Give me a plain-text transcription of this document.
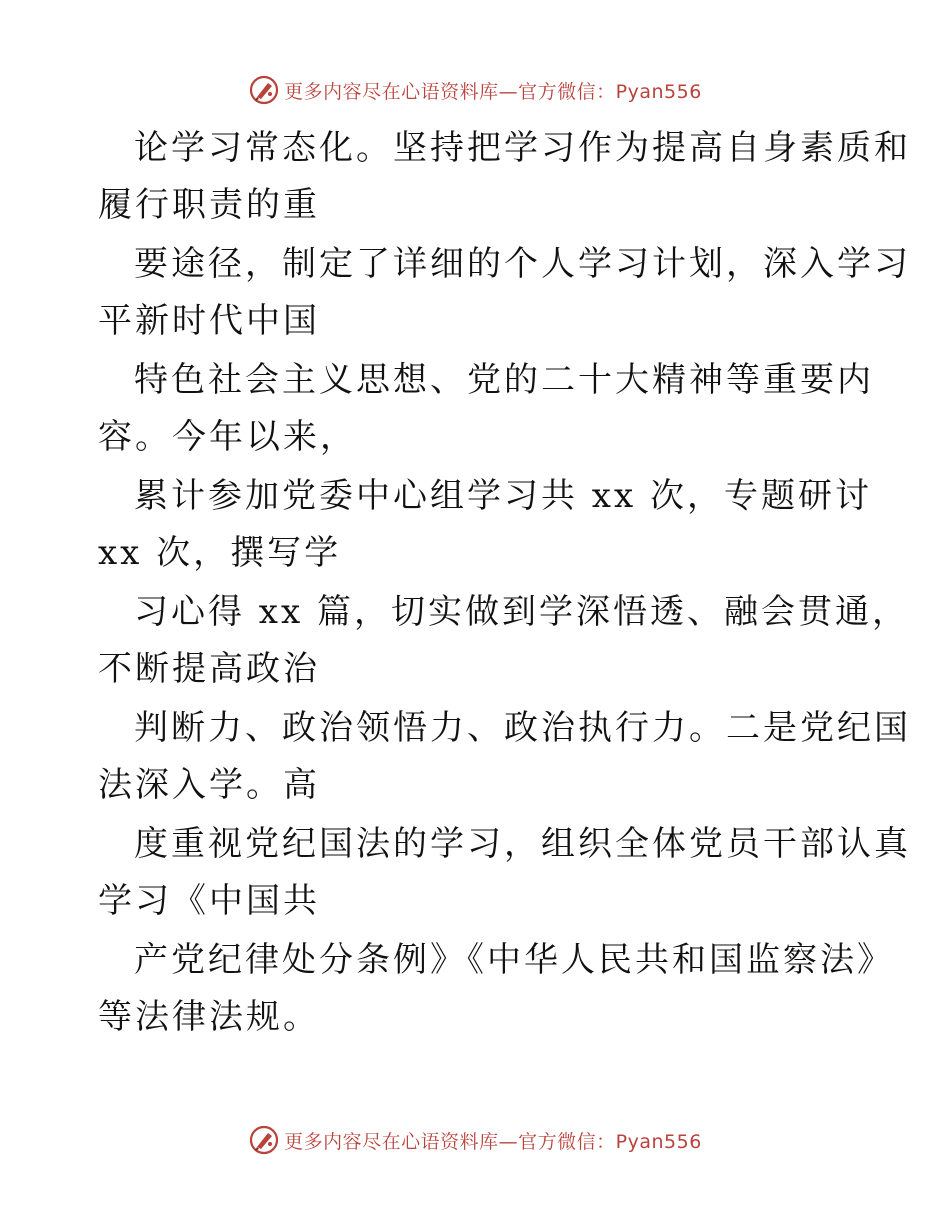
更多内容尽在心语资料库—官方微信：Pyan556
论学习常态化。坚持把学习作为提高自身素质和
履行职责的重
要途径，制定了详细的个人学习计划，深入学习
平新时代中国
特色社会主义思想、党的二十大精神等重要内
容。今年以来，
累计参加党委中心组学习共 xx 次，专题研讨
xx 次，撰写学
习心得 xx 篇，切实做到学深悟透、融会贯通，
不断提高政治
判断力、政治领悟力、政治执行力。二是党纪国
法深入学。高
度重视党纪国法的学习，组织全体党员干部认真
学习《中国共
产党纪律处分条例》《中华人民共和国监察法》
等法律法规。
更多内容尽在心语资料库—官方微信：Pyan556
